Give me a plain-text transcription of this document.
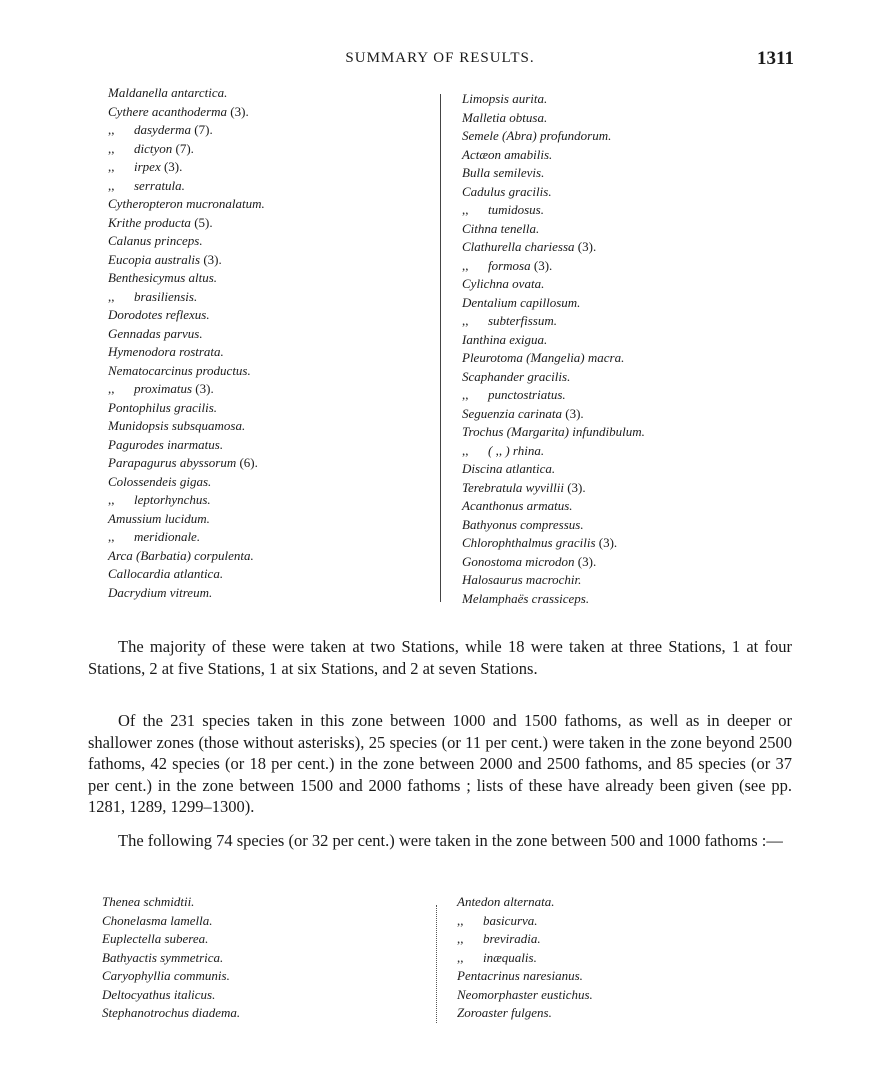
SUMMARY OF RESULTS.	1311
Maldanella antarctica.
Cythere acanthoderma (3).
,, dasyderma (7).
,, dictyon (7).
,, irpex (3).
,, serratula.
Cytheropteron mucronalatum.
Krithe producta (5).
Calanus princeps.
Eucopia australis (3).
Benthesicymus altus.
,, brasiliensis.
Dorodotes reflexus.
Gennadas parvus.
Hymenodora rostrata.
Nematocarcinus productus.
,, proximatus (3).
Pontophilus gracilis.
Munidopsis subsquamosa.
Pagurodes inarmatus.
Parapagurus abyssorum (6).
Colossendeis gigas.
,, leptorhynchus.
Amussium lucidum.
,, meridionale.
Arca (Barbatia) corpulenta.
Callocardia atlantica.
Dacrydium vitreum.
Limopsis aurita.
Malletia obtusa.
Semele (Abra) profundorum.
Actæon amabilis.
Bulla semilevis.
Cadulus gracilis.
,, tumidosus.
Cithna tenella.
Clathurella chariessa (3).
,, formosa (3).
Cylichna ovata.
Dentalium capillosum.
,, subterfissum.
Ianthina exigua.
Pleurotoma (Mangelia) macra.
Scaphander gracilis.
,, punctostriatus.
Seguenzia carinata (3).
Trochus (Margarita) infundibulum.
,, ( ,, ) rhina.
Discina atlantica.
Terebratula wyvillii (3).
Acanthonus armatus.
Bathyonus compressus.
Chlorophthalmus gracilis (3).
Gonostoma microdon (3).
Halosaurus macrochir.
Melamphaës crassiceps.

The majority of these were taken at two Stations, while 18 were taken at three Stations, 1 at four Stations, 2 at five Stations, 1 at six Stations, and 2 at seven Stations.

Of the 231 species taken in this zone between 1000 and 1500 fathoms, as well as in deeper or shallower zones (those without asterisks), 25 species (or 11 per cent.) were taken in the zone beyond 2500 fathoms, 42 species (or 18 per cent.) in the zone between 2000 and 2500 fathoms, and 85 species (or 37 per cent.) in the zone between 1500 and 2000 fathoms ; lists of these have already been given (see pp. 1281, 1289, 1299–1300).

The following 74 species (or 32 per cent.) were taken in the zone between 500 and 1000 fathoms :—

Thenea schmidtii.
Chonelasma lamella.
Euplectella suberea.
Bathyactis symmetrica.
Caryophyllia communis.
Deltocyathus italicus.
Stephanotrochus diadema.
Antedon alternata.
,, basicurva.
,, breviradia.
,, inæqualis.
Pentacrinus naresianus.
Neomorphaster eustichus.
Zoroaster fulgens.
